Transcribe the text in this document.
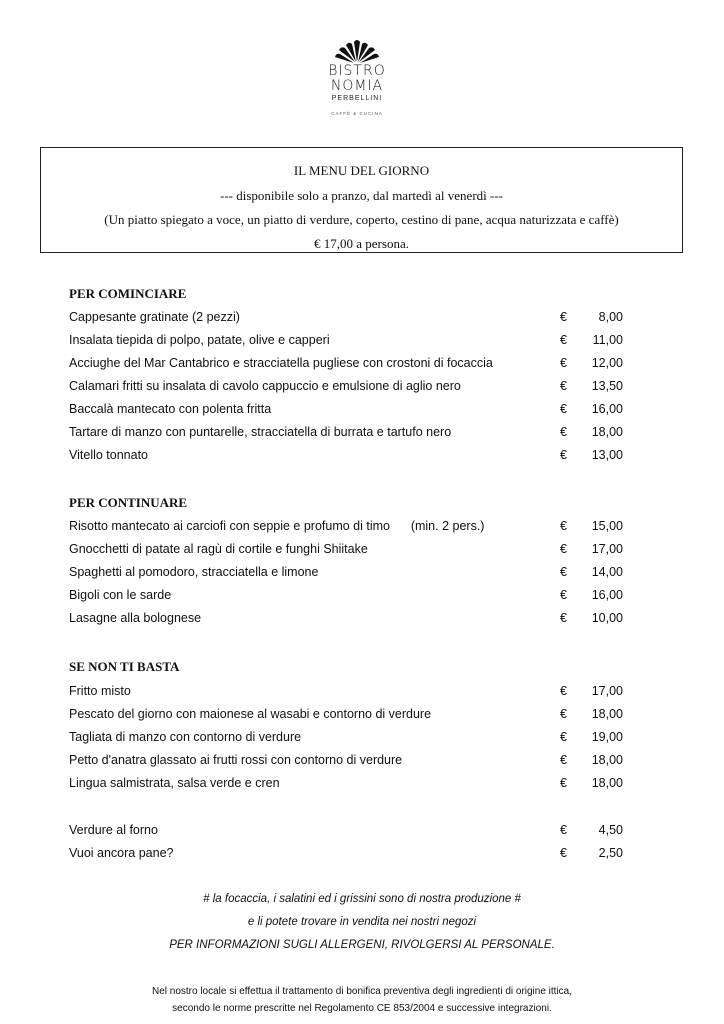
BISTRO
NOMIA
PERBELLINI
CAFFÈ & CUCINA
IL MENU DEL GIORNO
--- disponibile solo a pranzo, dal martedì al venerdì ---
(Un piatto spiegato a voce, un piatto di verdure, coperto, cestino di pane, acqua naturizzata e caffè)
€ 17,00 a persona.
PER COMINCIARE
Cappesante gratinate (2 pezzi)	€	8,00
Insalata tiepida di polpo, patate, olive e capperi	€ 11,00
Acciughe del Mar Cantabrico e stracciatella pugliese con crostoni di focaccia	€ 12,00
Calamari fritti su insalata di cavolo cappuccio e emulsione di aglio nero	€ 13,50
Baccalà mantecato con polenta fritta	€ 16,00
Tartare di manzo con puntarelle, stracciatella di burrata e tartufo nero	€ 18,00
Vitello tonnato	€ 13,00
PER CONTINUARE
Risotto mantecato ai carciofi con seppie e profumo di timo      (min. 2 pers.)	€ 15,00
Gnocchetti di patate al ragù di cortile e funghi Shiitake	€ 17,00
Spaghetti al pomodoro, stracciatella e limone	€ 14,00
Bigoli con le sarde	€ 16,00
Lasagne alla bolognese	€ 10,00
SE NON TI BASTA
Fritto misto	€ 17,00
Pescato del giorno con maionese al wasabi e contorno di verdure	€ 18,00
Tagliata di manzo con contorno di verdure	€ 19,00
Petto d'anatra glassato ai frutti rossi con contorno di verdure	€ 18,00
Lingua salmistrata, salsa verde e cren	€ 18,00
Verdure al forno	€	4,50
Vuoi ancora pane?	€	2,50
# la focaccia, i salatini ed i grissini sono di nostra produzione #
e li potete trovare in vendita nei nostri negozi
PER INFORMAZIONI SUGLI ALLERGENI, RIVOLGERSI AL PERSONALE.
Nel nostro locale si effettua il trattamento di bonifica preventiva degli ingredienti di origine ittica,
secondo le norme prescritte nel Regolamento CE 853/2004 e successive integrazioni.
